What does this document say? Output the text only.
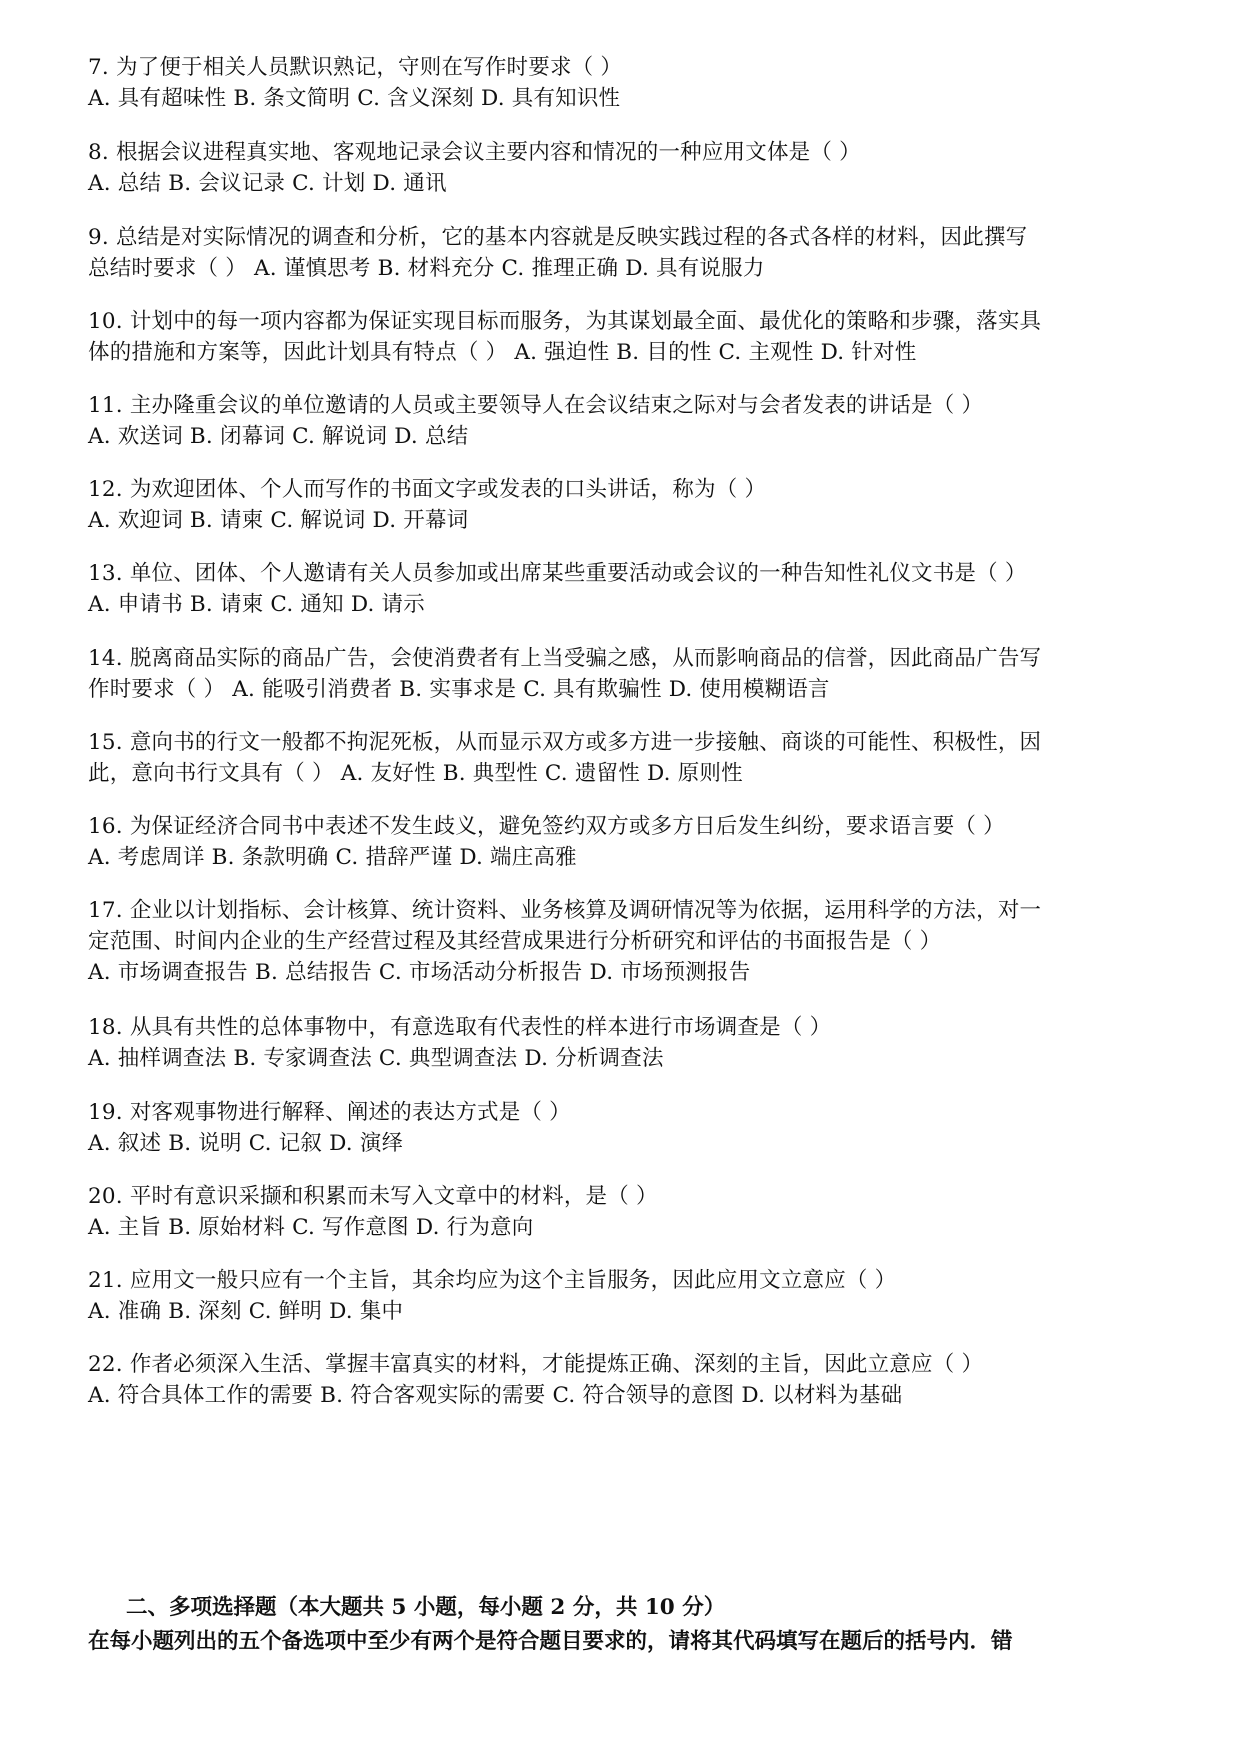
7. 为了便于相关人员默识熟记，守则在写作时要求（ ）
A. 具有超味性 B. 条文简明 C. 含义深刻 D. 具有知识性
8. 根据会议进程真实地、客观地记录会议主要内容和情况的一种应用文体是（ ）
A. 总结 B. 会议记录 C. 计划 D. 通讯
9. 总结是对实际情况的调查和分析，它的基本内容就是反映实践过程的各式各样的材料，因此撰写
总结时要求（ ） A. 谨慎思考 B. 材料充分 C. 推理正确 D. 具有说服力
10. 计划中的每一项内容都为保证实现目标而服务，为其谋划最全面、最优化的策略和步骤，落实具
体的措施和方案等，因此计划具有特点（ ） A. 强迫性 B. 目的性 C. 主观性 D. 针对性
11. 主办隆重会议的单位邀请的人员或主要领导人在会议结束之际对与会者发表的讲话是（ ）
A. 欢送词 B. 闭幕词 C. 解说词 D. 总结
12. 为欢迎团体、个人而写作的书面文字或发表的口头讲话，称为（ ）
A. 欢迎词 B. 请柬 C. 解说词 D. 开幕词
13. 单位、团体、个人邀请有关人员参加或出席某些重要活动或会议的一种告知性礼仪文书是（ ）
A. 申请书 B. 请柬 C. 通知 D. 请示
14. 脱离商品实际的商品广告，会使消费者有上当受骗之感，从而影响商品的信誉，因此商品广告写
作时要求（ ） A. 能吸引消费者 B. 实事求是 C. 具有欺骗性 D. 使用模糊语言
15. 意向书的行文一般都不拘泥死板，从而显示双方或多方进一步接触、商谈的可能性、积极性，因
此，意向书行文具有（ ） A. 友好性 B. 典型性 C. 遗留性 D. 原则性
16. 为保证经济合同书中表述不发生歧义，避免签约双方或多方日后发生纠纷，要求语言要（ ）
A. 考虑周详 B. 条款明确 C. 措辞严谨 D. 端庄高雅
17. 企业以计划指标、会计核算、统计资料、业务核算及调研情况等为依据，运用科学的方法，对一
定范围、时间内企业的生产经营过程及其经营成果进行分析研究和评估的书面报告是（ ）
A. 市场调查报告 B. 总结报告 C. 市场活动分析报告 D. 市场预测报告
18. 从具有共性的总体事物中，有意选取有代表性的样本进行市场调查是（ ）
A. 抽样调查法 B. 专家调查法 C. 典型调查法 D. 分析调查法
19. 对客观事物进行解释、阐述的表达方式是（ ）
A. 叙述 B. 说明 C. 记叙 D. 演绎
20. 平时有意识采撷和积累而未写入文章中的材料，是（ ）
A. 主旨 B. 原始材料 C. 写作意图 D. 行为意向
21. 应用文一般只应有一个主旨，其余均应为这个主旨服务，因此应用文立意应（ ）
A. 准确 B. 深刻 C. 鲜明 D. 集中
22. 作者必须深入生活、掌握丰富真实的材料，才能提炼正确、深刻的主旨，因此立意应（ ）
A. 符合具体工作的需要 B. 符合客观实际的需要 C. 符合领导的意图 D. 以材料为基础
二、多项选择题（本大题共 5 小题，每小题 2 分，共 10 分）
在每小题列出的五个备选项中至少有两个是符合题目要求的，请将其代码填写在题后的括号内．错
